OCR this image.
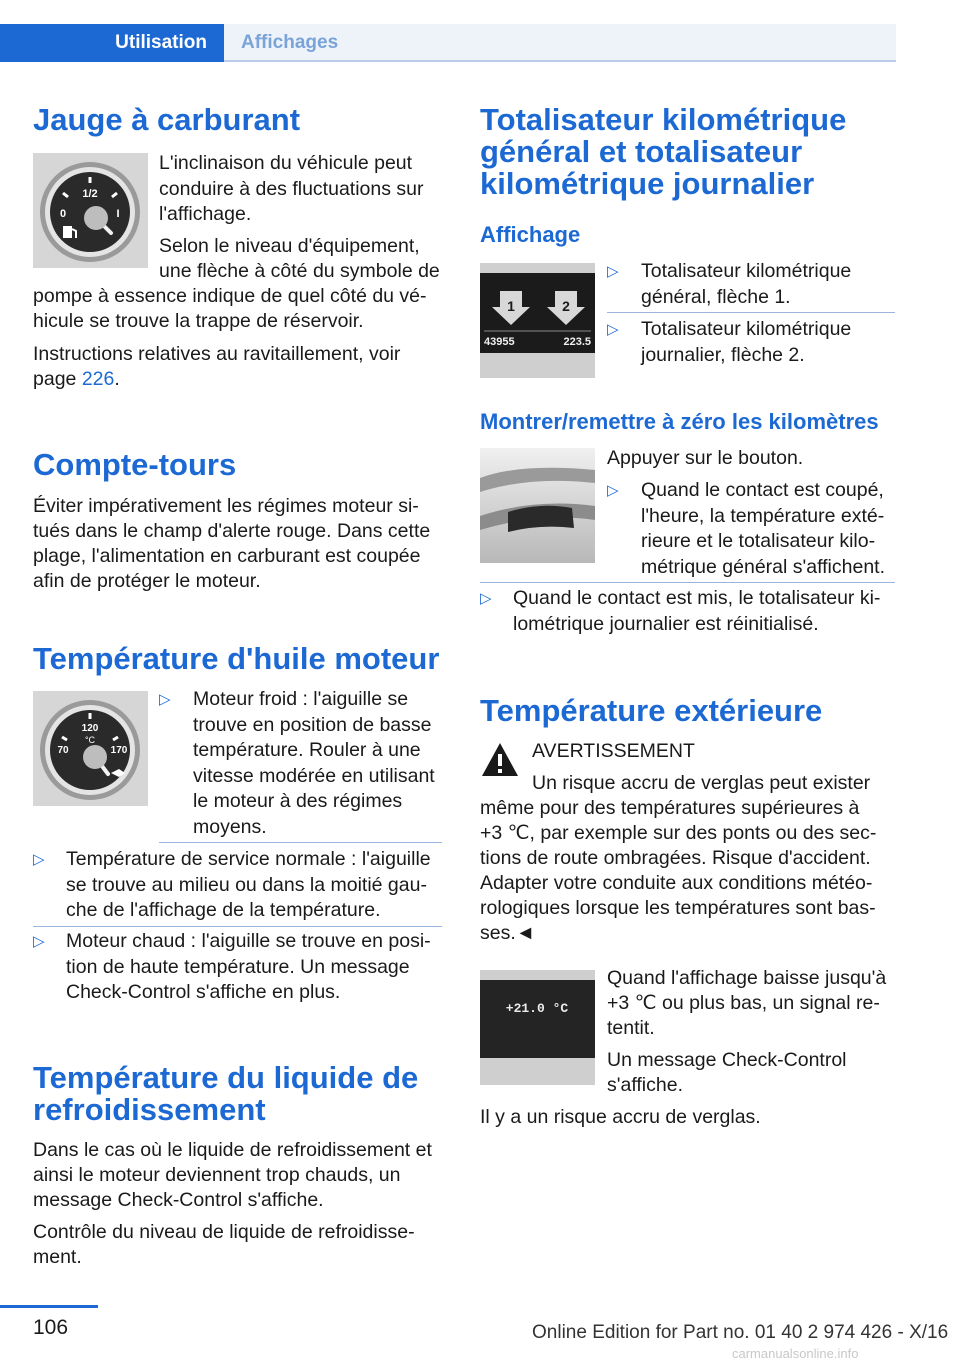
Utilisation Affichages
Jauge à carburant
1/2
0	I
L'inclinaison du véhicule peut conduire à des fluctuations sur l'affichage.
Selon le niveau d'équipement,
une flèche à côté du symbole de
pompe à essence indique de quel côté du vé-
hicule se trouve la trappe de réservoir.
Instructions relatives au ravitaillement, voir
page 226.
Compte-tours
Éviter impérativement les régimes moteur si-
tués dans le champ d'alerte rouge. Dans cette
plage, l'alimentation en carburant est coupée
afin de protéger le moteur.
Température d'huile moteur
120
°C
70	170
▷ Moteur froid : l'aiguille se
trouve en position de basse
température. Rouler à une
vitesse modérée en utilisant
le moteur à des régimes
moyens.
▷ Température de service normale : l'aiguille
se trouve au milieu ou dans la moitié gau-
che de l'affichage de la température.
▷ Moteur chaud : l'aiguille se trouve en posi-
tion de haute température. Un message
Check-Control s'affiche en plus.
Température du liquide de
refroidissement
Dans le cas où le liquide de refroidissement et
ainsi le moteur deviennent trop chauds, un
message Check-Control s'affiche.
Contrôle du niveau de liquide de refroidisse-
ment.
Totalisateur kilométrique
général et totalisateur
kilométrique journalier
Affichage
1	2
43955	223.5
▷ Totalisateur kilométrique
général, flèche 1.
▷ Totalisateur kilométrique
journalier, flèche 2.
Montrer/remettre à zéro les kilomètres
Appuyer sur le bouton.
▷ Quand le contact est coupé,
l'heure, la température exté-
rieure et le totalisateur kilo-
métrique général s'affichent.
▷ Quand le contact est mis, le totalisateur ki-
lométrique journalier est réinitialisé.
Température extérieure
AVERTISSEMENT
Un risque accru de verglas peut exister
même pour des températures supérieures à
+3 ℃, par exemple sur des ponts ou des sec-
tions de route ombragées. Risque d'accident.
Adapter votre conduite aux conditions météo-
rologiques lorsque les températures sont bas-
ses.◄
+21.0 °C
Quand l'affichage baisse jusqu'à
+3 ℃ ou plus bas, un signal re-
tentit.
Un message Check-Control
s'affiche.
Il y a un risque accru de verglas.
106	Online Edition for Part no. 01 40 2 974 426 - X/16
carmanualsonline.info
